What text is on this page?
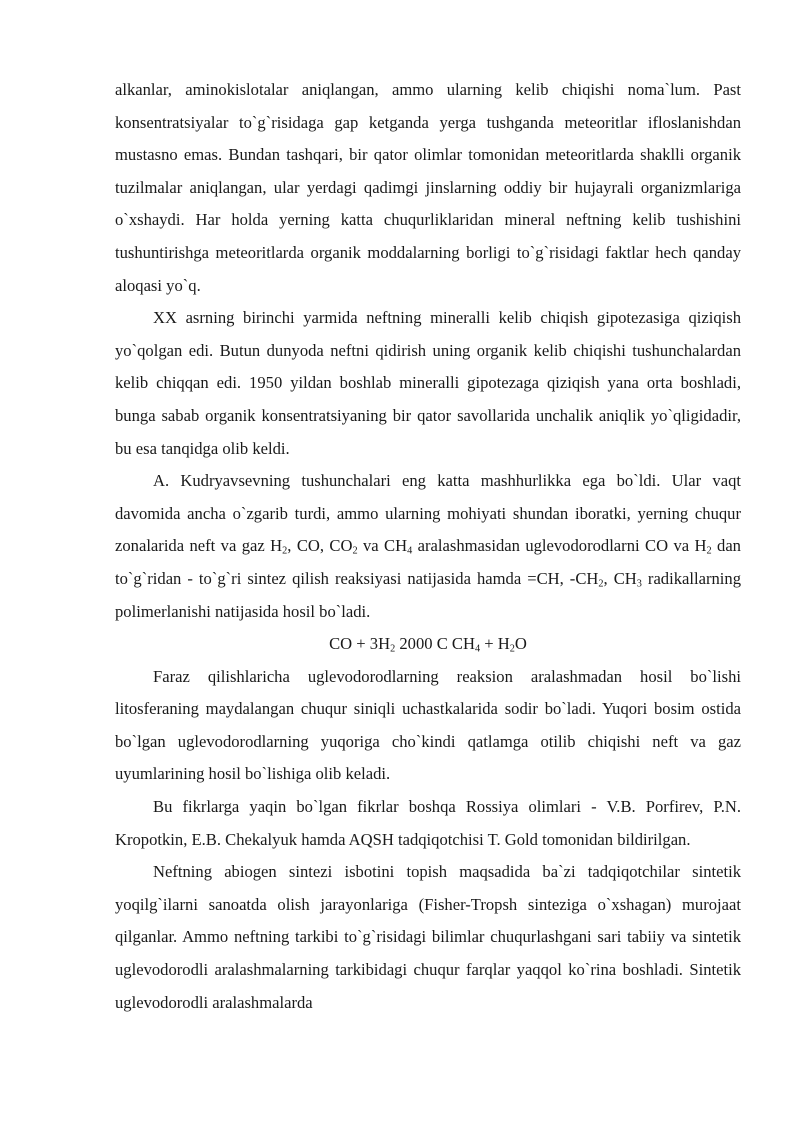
alkanlar, aminokislotalar aniqlangan, ammo ularning kelib chiqishi noma`lum. Past konsentratsiyalar to`g`risidaga gap ketganda yerga tushganda meteoritlar ifloslanishdan mustasno emas. Bundan tashqari, bir qator olimlar tomonidan meteoritlarda shaklli organik tuzilmalar aniqlangan, ular yerdagi qadimgi jinslarning oddiy bir hujayrali organizmlariga o`xshaydi. Har holda yerning katta chuqurliklaridan mineral neftning kelib tushishini tushuntirishga meteoritlarda organik moddalarning borligi to`g`risidagi faktlar hech qanday aloqasi yo`q.

XX asrning birinchi yarmida neftning mineralli kelib chiqish gipotezasiga qiziqish yo`qolgan edi. Butun dunyoda neftni qidirish uning organik kelib chiqishi tushunchalardan kelib chiqqan edi. 1950 yildan boshlab mineralli gipotezaga qiziqish yana orta boshladi, bunga sabab organik konsentratsiyaning bir qator savollarida unchalik aniqlik yo`qligidadir, bu esa tanqidga olib keldi.

A. Kudryavsevning tushunchalari eng katta mashhurlikka ega bo`ldi. Ular vaqt davomida ancha o`zgarib turdi, ammo ularning mohiyati shundan iboratki, yerning chuqur zonalarida neft va gaz $H_2$, CO, $CO_2$ va $CH_4$ aralashmasidan uglevodorodlarni CO va $H_2$ dan to`g`ridan - to`g`ri sintez qilish reaksiyasi natijasida hamda =CH, $-CH_2$, $CH_3$ radikallarning polimerlanishi natijasida hosil bo`ladi.

CO + $3H_2$ 2000 C $CH_4 + H_2O$

Faraz qilishlaricha uglevodorodlarning reaksion aralashmadan hosil bo`lishi litosferaning maydalangan chuqur siniqli uchastkalarida sodir bo`ladi. Yuqori bosim ostida bo`lgan uglevodorodlarning yuqoriga cho`kindi qatlamga otilib chiqishi neft va gaz uyumlarining hosil bo`lishiga olib keladi.

Bu fikrlarga yaqin bo`lgan fikrlar boshqa Rossiya olimlari - V.B. Porfirev, P.N. Kropotkin, E.B. Chekalyuk hamda AQSH tadqiqotchisi T. Gold tomonidan bildirilgan.

Neftning abiogen sintezi isbotini topish maqsadida ba`zi tadqiqotchilar sintetik yoqilg`ilarni sanoatda olish jarayonlariga (Fisher-Tropsh sinteziga o`xshagan) murojaat qilganlar. Ammo neftning tarkibi to`g`risidagi bilimlar chuqurlashgani sari tabiiy va sintetik uglevodorodli aralashmalarning tarkibidagi chuqur farqlar yaqqol ko`rina boshladi. Sintetik uglevodorodli aralashmalarda
